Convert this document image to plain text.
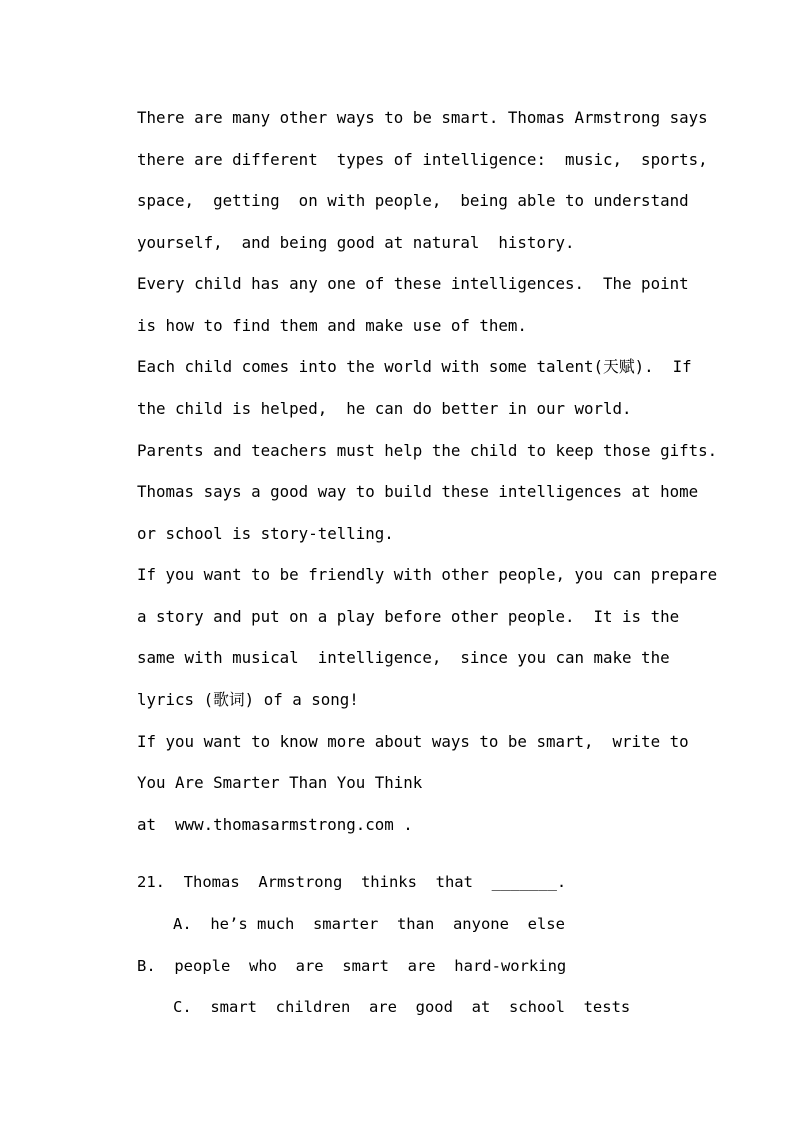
There are many other ways to be smart. Thomas Armstrong says
there are different  types of intelligence:  music,  sports,
space,  getting  on with people,  being able to understand
yourself,  and being good at natural  history.
Every child has any one of these intelligences.  The point
is how to find them and make use of them.
Each child comes into the world with some talent(天赋).  If
the child is helped,  he can do better in our world.
Parents and teachers must help the child to keep those gifts.
Thomas says a good way to build these intelligences at home
or school is story-telling.
If you want to be friendly with other people, you can prepare
a story and put on a play before other people.  It is the
same with musical  intelligence,  since you can make the
lyrics (歌词) of a song!
If you want to know more about ways to be smart,  write to
You Are Smarter Than You Think
at  www.thomasarmstrong.com .
21.  Thomas  Armstrong  thinks  that  _______.
A.  he’s much  smarter  than  anyone  else
B.  people  who  are  smart  are  hard-working
C.  smart  children  are  good  at  school  tests
